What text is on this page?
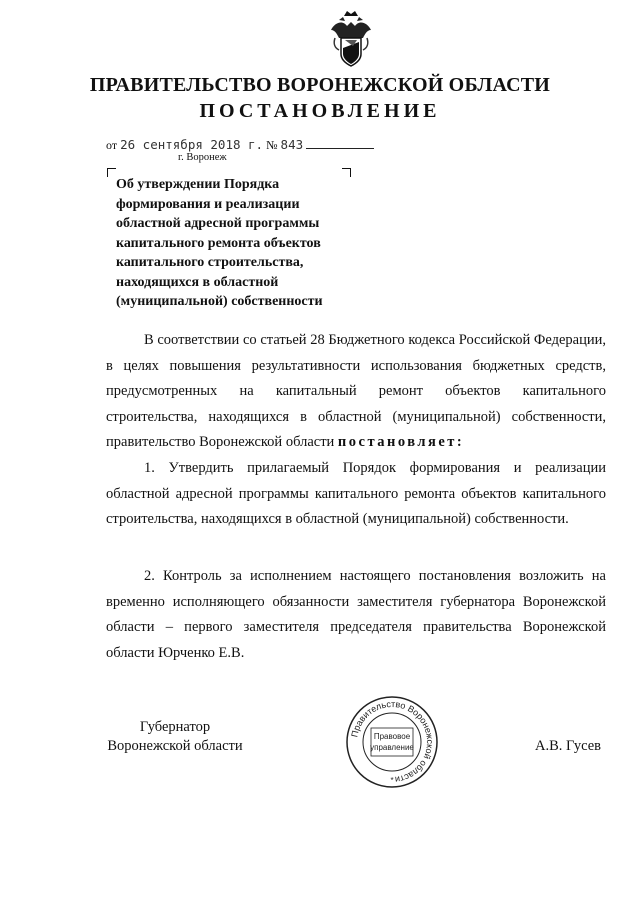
ПРАВИТЕЛЬСТВО ВОРОНЕЖСКОЙ ОБЛАСТИ
ПОСТАНОВЛЕНИЕ
от 26 сентября 2018 г. № 843
г. Воронеж
Об утверждении Порядка
формирования и реализации
областной адресной программы
капитального ремонта объектов
капитального строительства,
находящихся в областной
(муниципальной) собственности
В соответствии со статьей 28 Бюджетного кодекса Российской Федерации, в целях повышения результативности использования бюджетных средств, предусмотренных на капитальный ремонт объектов капитального строительства, находящихся в областной (муниципальной) собственности, правительство Воронежской области постановляет:
1. Утвердить прилагаемый Порядок формирования и реализации областной адресной программы капитального ремонта объектов капитального строительства, находящихся в областной (муниципальной) собственности.
2. Контроль за исполнением настоящего постановления возложить на временно исполняющего обязанности заместителя губернатора Воронежской области – первого заместителя председателя правительства Воронежской области Юрченко Е.В.
Губернатор
Воронежской области
Правительство Воронежской области
Правовое
управление
*
А.В. Гусев
